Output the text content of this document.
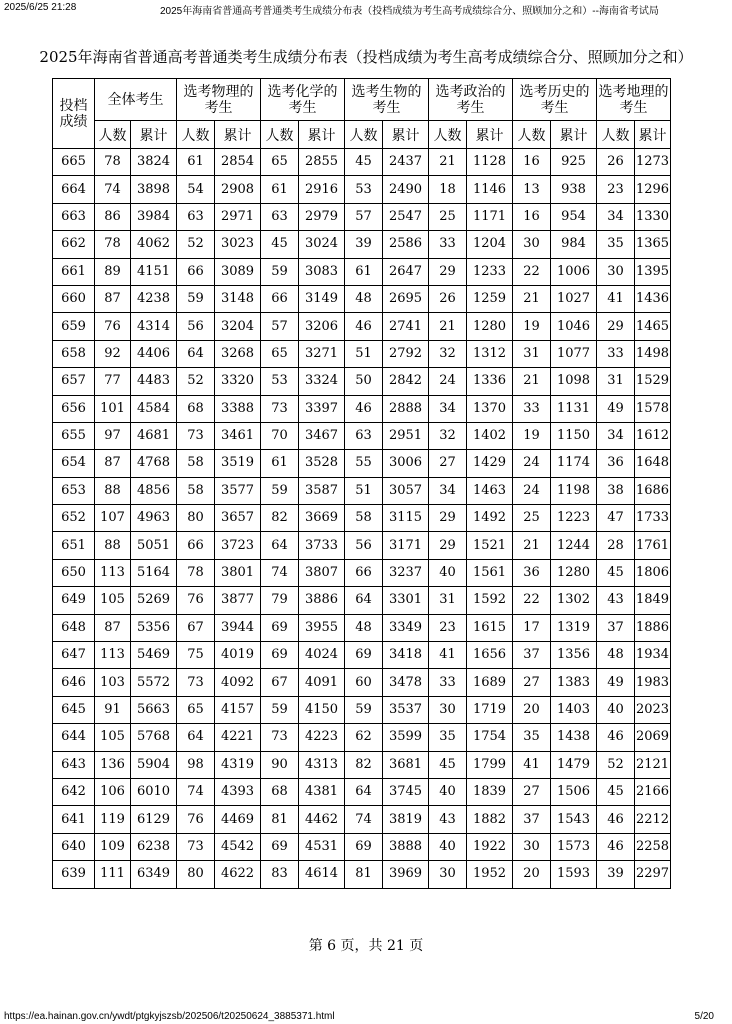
2025/6/25 21:28	2025年海南省普通高考普通类考生成绩分布表（投档成绩为考生高考成绩综合分、照顾加分之和）--海南省考试局
2025年海南省普通高考普通类考生成绩分布表（投档成绩为考生高考成绩综合分、照顾加分之和）
投档成绩	全体考生		选考物理的考生		选考化学的考生		选考生物的考生		选考政治的考生		选考历史的考生		选考地理的考生	
	人数	累计	人数	累计	人数	累计	人数	累计	人数	累计	人数	累计	人数	累计
665	78	3824	61	2854	65	2855	45	2437	21	1128	16	925	26	1273
664	74	3898	54	2908	61	2916	53	2490	18	1146	13	938	23	1296
663	86	3984	63	2971	63	2979	57	2547	25	1171	16	954	34	1330
662	78	4062	52	3023	45	3024	39	2586	33	1204	30	984	35	1365
661	89	4151	66	3089	59	3083	61	2647	29	1233	22	1006	30	1395
660	87	4238	59	3148	66	3149	48	2695	26	1259	21	1027	41	1436
659	76	4314	56	3204	57	3206	46	2741	21	1280	19	1046	29	1465
658	92	4406	64	3268	65	3271	51	2792	32	1312	31	1077	33	1498
657	77	4483	52	3320	53	3324	50	2842	24	1336	21	1098	31	1529
656	101	4584	68	3388	73	3397	46	2888	34	1370	33	1131	49	1578
655	97	4681	73	3461	70	3467	63	2951	32	1402	19	1150	34	1612
654	87	4768	58	3519	61	3528	55	3006	27	1429	24	1174	36	1648
653	88	4856	58	3577	59	3587	51	3057	34	1463	24	1198	38	1686
652	107	4963	80	3657	82	3669	58	3115	29	1492	25	1223	47	1733
651	88	5051	66	3723	64	3733	56	3171	29	1521	21	1244	28	1761
650	113	5164	78	3801	74	3807	66	3237	40	1561	36	1280	45	1806
649	105	5269	76	3877	79	3886	64	3301	31	1592	22	1302	43	1849
648	87	5356	67	3944	69	3955	48	3349	23	1615	17	1319	37	1886
647	113	5469	75	4019	69	4024	69	3418	41	1656	37	1356	48	1934
646	103	5572	73	4092	67	4091	60	3478	33	1689	27	1383	49	1983
645	91	5663	65	4157	59	4150	59	3537	30	1719	20	1403	40	2023
644	105	5768	64	4221	73	4223	62	3599	35	1754	35	1438	46	2069
643	136	5904	98	4319	90	4313	82	3681	45	1799	41	1479	52	2121
642	106	6010	74	4393	68	4381	64	3745	40	1839	27	1506	45	2166
641	119	6129	76	4469	81	4462	74	3819	43	1882	37	1543	46	2212
640	109	6238	73	4542	69	4531	69	3888	40	1922	30	1573	46	2258
639	111	6349	80	4622	83	4614	81	3969	30	1952	20	1593	39	2297
第 6 页，共 21 页
https://ea.hainan.gov.cn/ywdt/ptgkyjszsb/202506/t20250624_3885371.html	5/20
